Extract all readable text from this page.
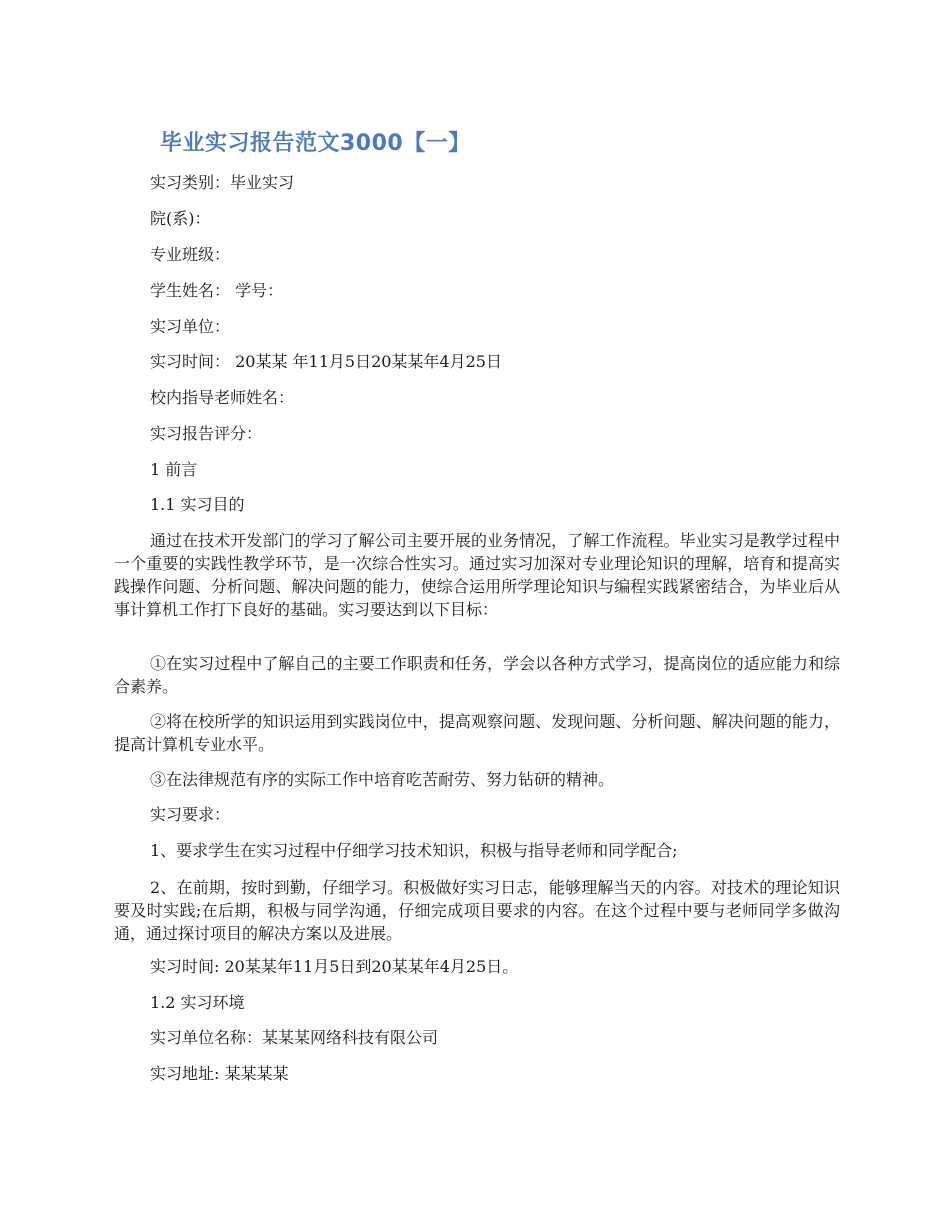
毕业实习报告范文3000【一】
实习类别：毕业实习
院(系)：
专业班级：
学生姓名： 学号：
实习单位：
实习时间： 20某某 年11月5日20某某年4月25日
校内指导老师姓名：
实习报告评分：
1 前言
1.1 实习目的
通过在技术开发部门的学习了解公司主要开展的业务情况，了解工作流程。毕业实习是教学过程中一个重要的实践性教学环节，是一次综合性实习。通过实习加深对专业理论知识的理解，培育和提高实践操作问题、分析问题、解决问题的能力，使综合运用所学理论知识与编程实践紧密结合，为毕业后从事计算机工作打下良好的基础。实习要达到以下目标：
①在实习过程中了解自己的主要工作职责和任务，学会以各种方式学习，提高岗位的适应能力和综合素养。
②将在校所学的知识运用到实践岗位中，提高观察问题、发现问题、分析问题、解决问题的能力，提高计算机专业水平。
③在法律规范有序的实际工作中培育吃苦耐劳、努力钻研的精神。
实习要求：
1、要求学生在实习过程中仔细学习技术知识，积极与指导老师和同学配合;
2、在前期，按时到勤，仔细学习。积极做好实习日志，能够理解当天的内容。对技术的理论知识要及时实践;在后期，积极与同学沟通，仔细完成项目要求的内容。在这个过程中要与老师同学多做沟通，通过探讨项目的解决方案以及进展。
实习时间: 20某某年11月5日到20某某年4月25日。
1.2 实习环境
实习单位名称：某某某网络科技有限公司
实习地址: 某某某某
